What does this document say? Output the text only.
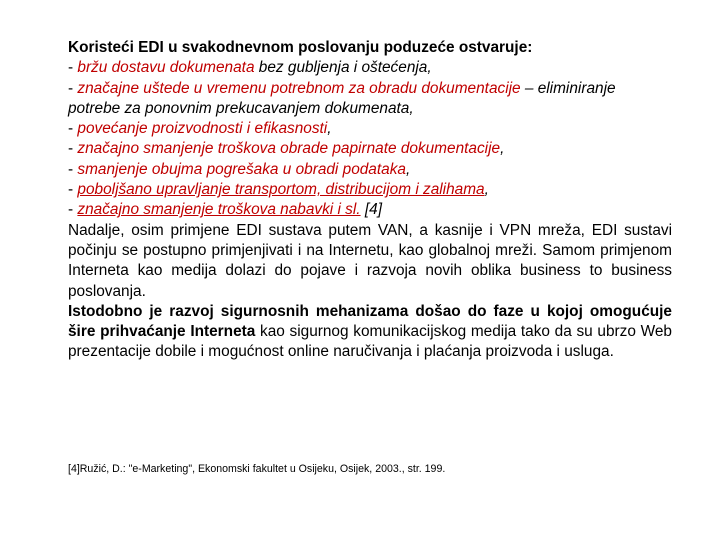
Koristeći EDI u svakodnevnom poslovanju poduzeće ostvaruje:

- bržu dostavu dokumenata bez gubljenja i oštećenja,

- značajne uštede u vremenu potrebnom za obradu dokumentacije – eliminiranje potrebe za ponovnim prekucavanjem dokumenata,

- povećanje proizvodnosti i efikasnosti,

- značajno smanjenje troškova obrade papirnate dokumentacije,

- smanjenje obujma pogrešaka u obradi podataka,

- poboljšano upravljanje transportom, distribucijom i zalihama,

- značajno smanjenje troškova nabavki i sl. [4]

Nadalje, osim primjene EDI sustava putem VAN, a kasnije i VPN mreža, EDI sustavi počinju se postupno primjenjivati i na Internetu, kao globalnoj mreži. Samom primjenom Interneta kao medija dolazi do pojave i razvoja novih oblika business to business poslovanja.

Istodobno je razvoj sigurnosnih mehanizama došao do faze u kojoj omogućuje šire prihvaćanje Interneta kao sigurnog komunikacijskog medija tako da su ubrzo Web prezentacije dobile i mogućnost online naručivanja i plaćanja proizvoda i usluga.

[4]Ružić, D.: "e-Marketing", Ekonomski fakultet u Osijeku, Osijek, 2003., str. 199.
